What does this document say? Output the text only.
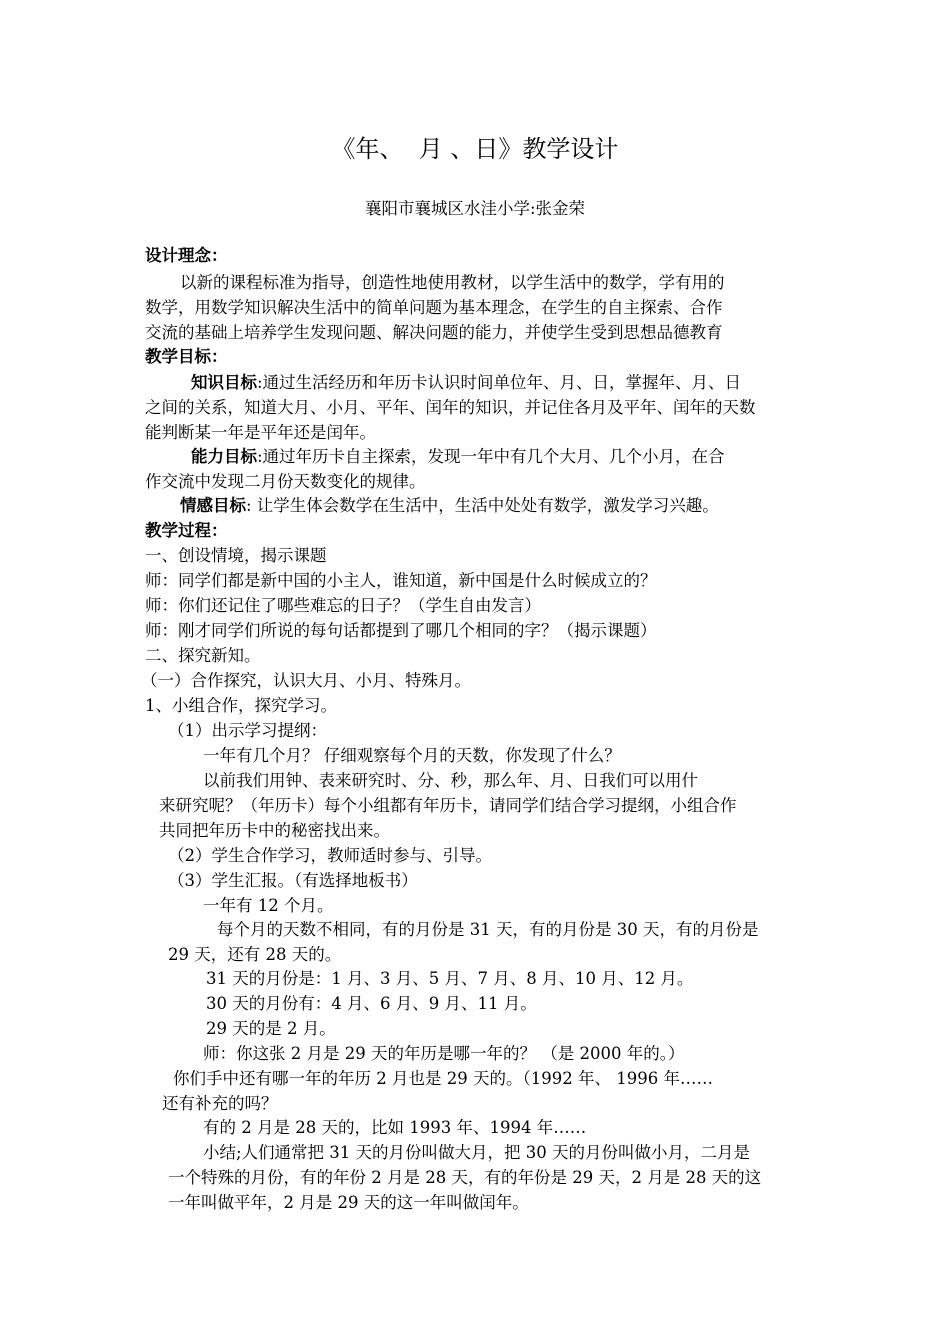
《年、  月 、日》教学设计
襄阳市襄城区水洼小学:张金荣
设计理念：
以新的课程标准为指导，创造性地使用教材，以学生活中的数学，学有用的
数学，用数学知识解决生活中的简单问题为基本理念，在学生的自主探索、合作
交流的基础上培养学生发现问题、解决问题的能力，并使学生受到思想品德教育
教学目标：
知识目标:通过生活经历和年历卡认识时间单位年、月、日，掌握年、月、日
之间的关系，知道大月、小月、平年、闰年的知识，并记住各月及平年、闰年的天数
能判断某一年是平年还是闰年。
能力目标:通过年历卡自主探索，发现一年中有几个大月、几个小月，在合
作交流中发现二月份天数变化的规律。
情感目标: 让学生体会数学在生活中，生活中处处有数学，激发学习兴趣。
教学过程：
一、创设情境，揭示课题
师：同学们都是新中国的小主人，谁知道，新中国是什么时候成立的？
师：你们还记住了哪些难忘的日子？（学生自由发言）
师：刚才同学们所说的每句话都提到了哪几个相同的字？（揭示课题）
二、探究新知。
（一）合作探究，认识大月、小月、特殊月。
1、小组合作，探究学习。
（1）出示学习提纲：
一年有几个月？ 仔细观察每个月的天数，你发现了什么？
以前我们用钟、表来研究时、分、秒，那么年、月、日我们可以用什
来研究呢？（年历卡）每个小组都有年历卡，请同学们结合学习提纲，小组合作
共同把年历卡中的秘密找出来。
（2）学生合作学习，教师适时参与、引导。
（3）学生汇报。（有选择地板书）
一年有 12 个月。
每个月的天数不相同，有的月份是 31 天，有的月份是 30 天，有的月份是
29 天，还有 28 天的。
31 天的月份是：1 月、3 月、5 月、7 月、8 月、10 月、12 月。
30 天的月份有：4 月、6 月、9 月、11 月。
29 天的是 2 月。
师：你这张 2 月是 29 天的年历是哪一年的？ （是 2000 年的。）
你们手中还有哪一年的年历 2 月也是 29 天的。（1992 年、 1996 年……
还有补充的吗？
有的 2 月是 28 天的，比如 1993 年、1994 年……
小结;人们通常把 31 天的月份叫做大月，把 30 天的月份叫做小月，二月是
一个特殊的月份，有的年份 2 月是 28 天，有的年份是 29 天，2 月是 28 天的这
一年叫做平年，2 月是 29 天的这一年叫做闰年。
